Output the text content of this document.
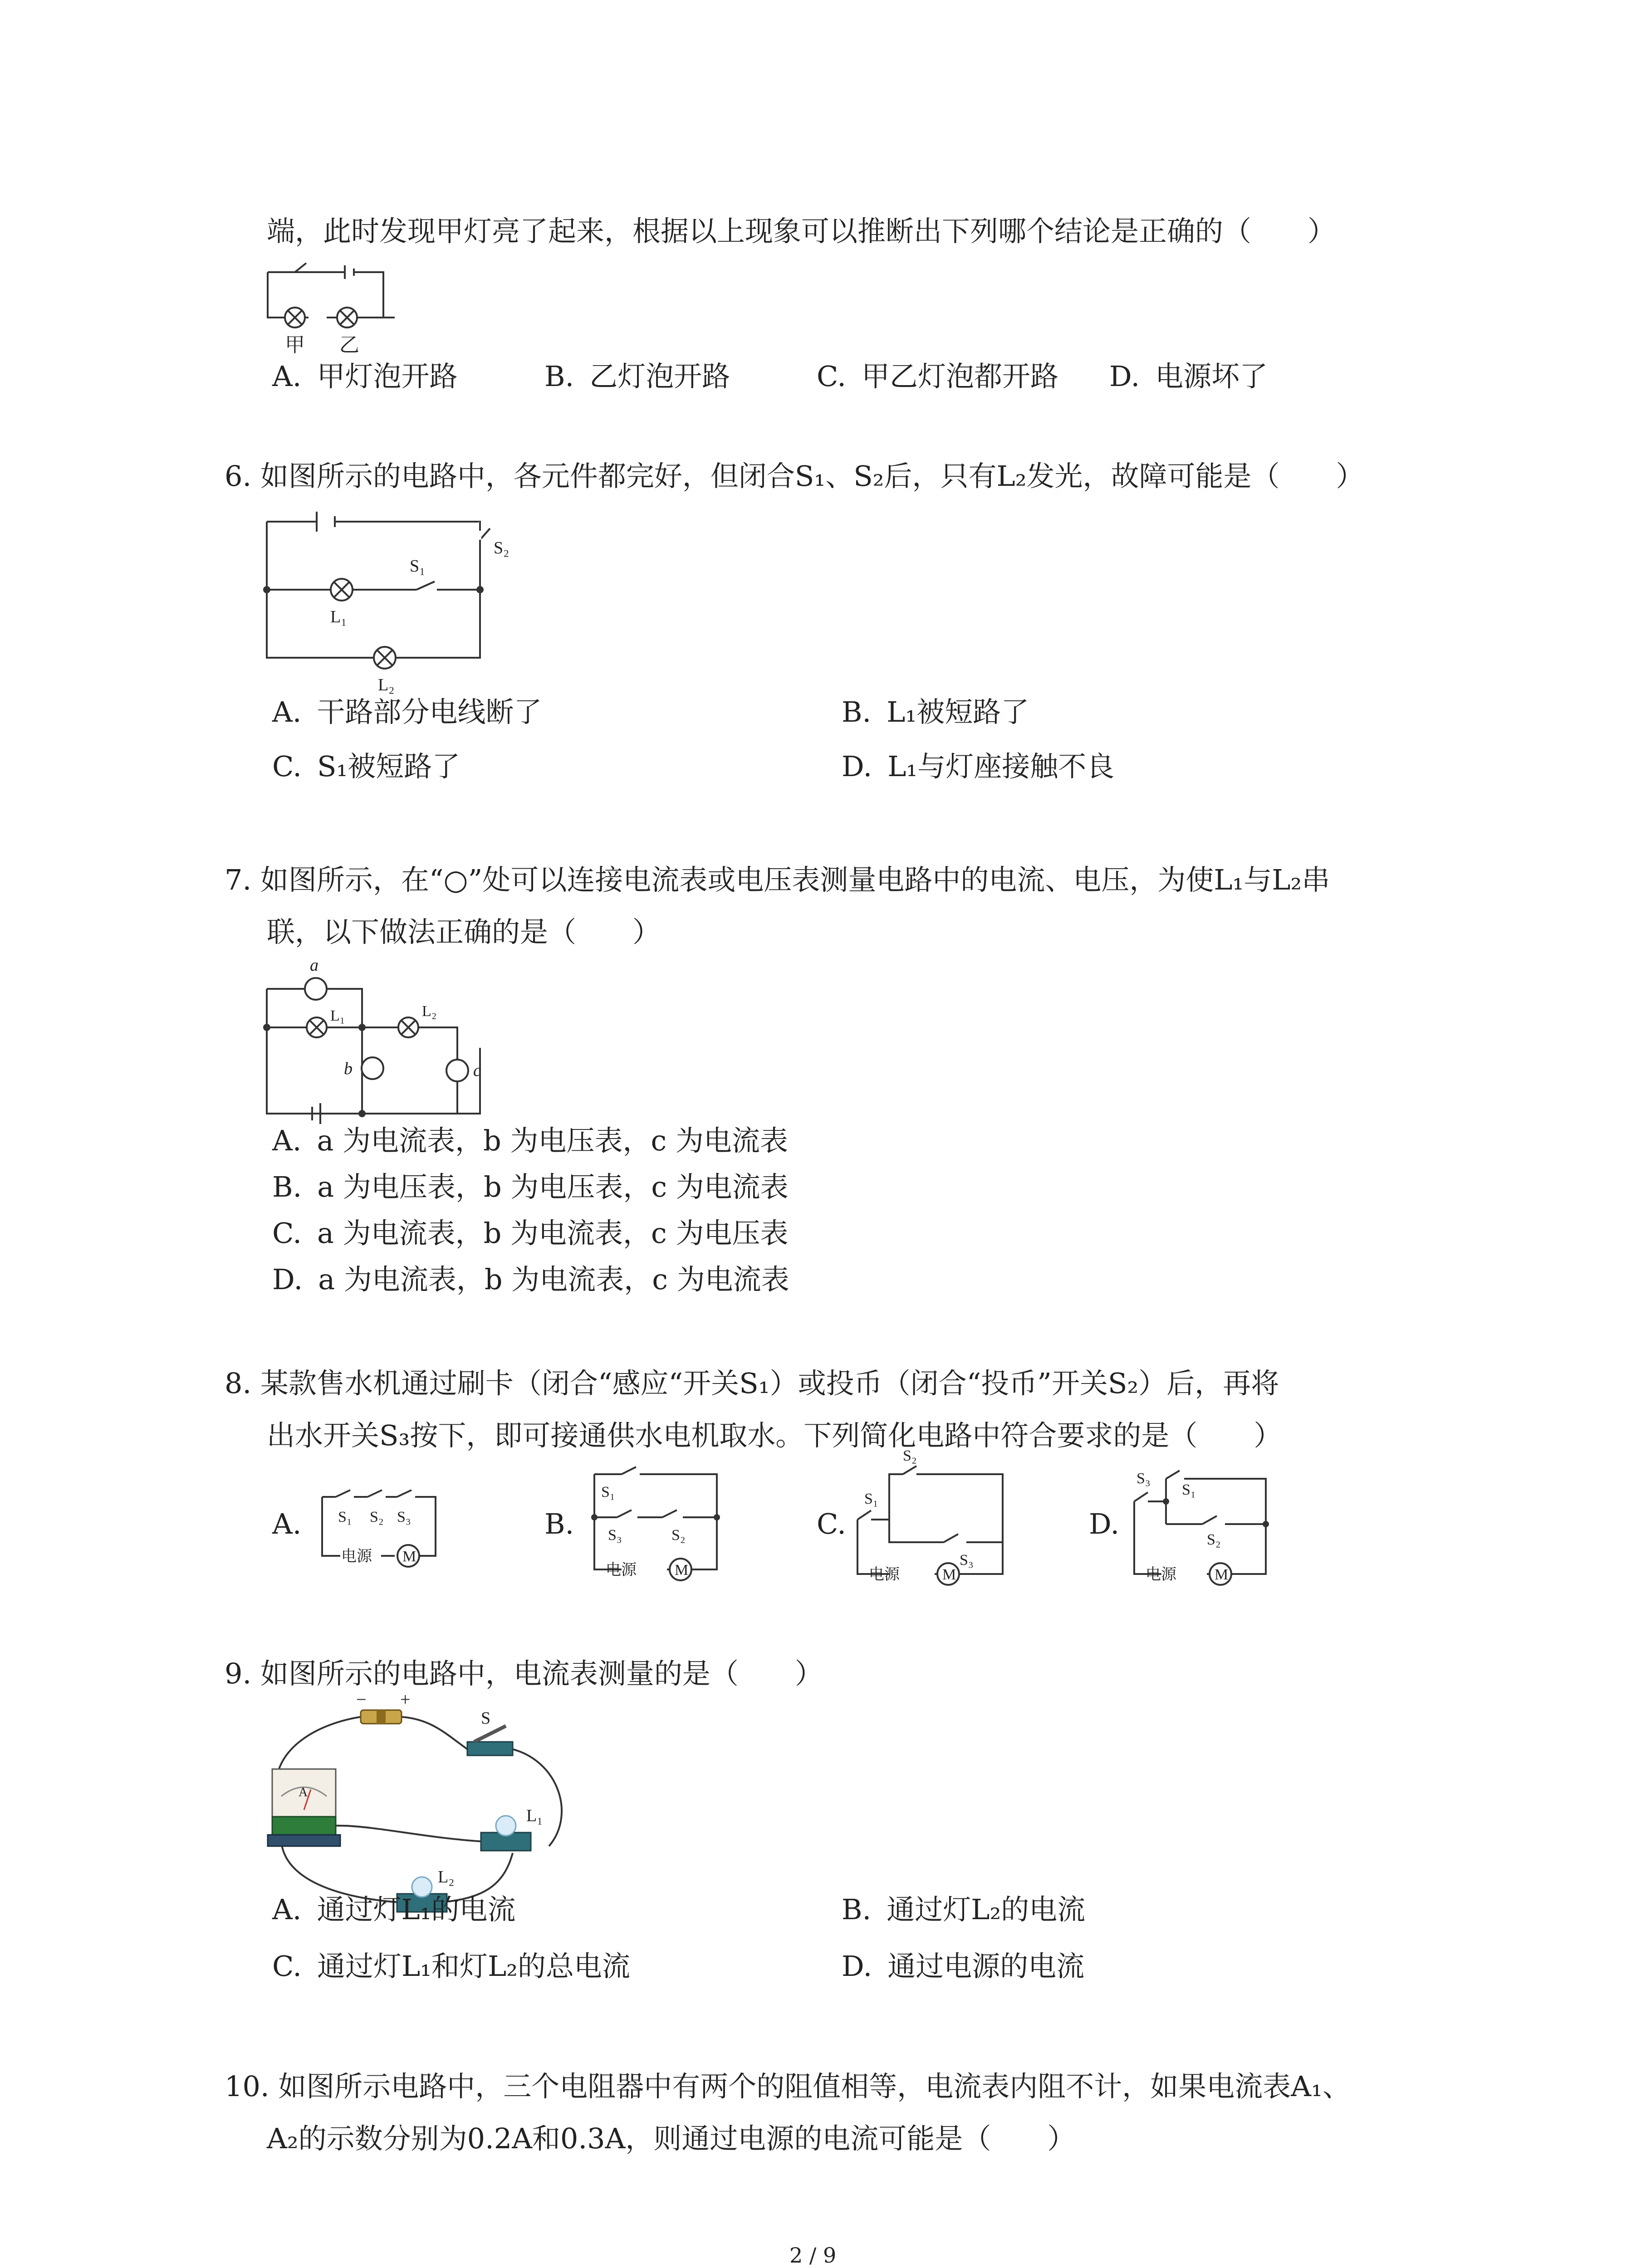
端，此时发现甲灯亮了起来，根据以上现象可以推断出下列哪个结论是正确的（　　）
甲 乙
A. 甲灯泡开路	B. 乙灯泡开路	C. 甲乙灯泡都开路 D. 电源坏了
6. 如图所示的电路中，各元件都完好，但闭合S₁、S₂后，只有L₂发光，故障可能是（　　）
S₂
S₁
L₁
L₂
A. 干路部分电线断了	B. L₁被短路了
C. S₁被短路了	D. L₁与灯座接触不良
7. 如图所示，在“○”处可以连接电流表或电压表测量电路中的电流、电压，为使L₁与L₂串
联，以下做法正确的是（　　）
a
L₁	L₂
b	c
A. a 为电流表，b 为电压表，c 为电流表
B. a 为电压表，b 为电压表，c 为电流表
C. a 为电流表，b 为电流表，c 为电压表
D. a 为电流表，b 为电流表，c 为电流表
8. 某款售水机通过刷卡（闭合“感应“开关S₁）或投币（闭合“投币”开关S₂）后，再将
出水开关S₃按下，即可接通供水电机取水。下列简化电路中符合要求的是（　　）
A.	B.	C.	D.
S₁ S₂ S₃
电源 M
S₁
S₃	S₂
电源 M
S₂
S₁
S₃
电源	M
S₃
S₁
S₂
电源 M
9. 如图所示的电路中，电流表测量的是（　　）
− +
S
A
L₁
L₂
A. 通过灯L₁的电流	B. 通过灯L₂的电流
C. 通过灯L₁和灯L₂的总电流	D. 通过电源的电流
10. 如图所示电路中，三个电阻器中有两个的阻值相等，电流表内阻不计，如果电流表A₁、
A₂的示数分别为0.2A和0.3A，则通过电源的电流可能是（　　）
2 / 9
